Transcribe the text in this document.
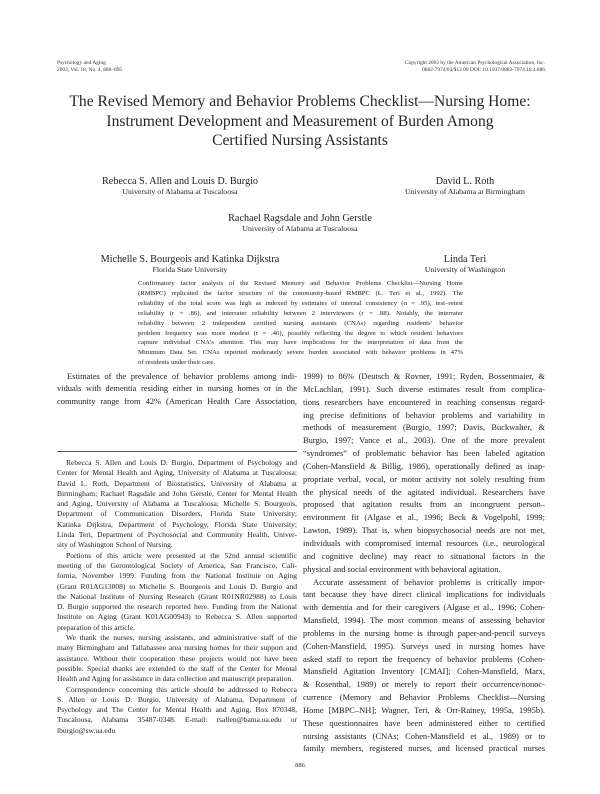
Psychology and Aging
2003, Vol. 18, No. 4, 886–895
Copyright 2003 by the American Psychological Association, Inc.
0882-7974/03/$12.00 DOI: 10.1037/0882-7974.18.4.886
The Revised Memory and Behavior Problems Checklist—Nursing Home:
Instrument Development and Measurement of Burden Among
Certified Nursing Assistants
Rebecca S. Allen and Louis D. Burgio
University of Alabama at Tuscaloosa
David L. Roth
University of Alabama at Birmingham
Rachael Ragsdale and John Gerstle
University of Alabama at Tuscaloosa
Michelle S. Bourgeois and Katinka Dijkstra
Florida State University
Linda Teri
University of Washington
Confirmatory factor analysis of the Revised Memory and Behavior Problems Checklist—Nursing Home
(RMBPC) replicated the factor structure of the community-based RMBPC (L. Teri et al., 1992). The
reliability of the total score was high as indexed by estimates of internal consistency (α = .95), test–retest
reliability (r = .86), and interrater reliability between 2 interviewers (r = .88). Notably, the interrater
reliability between 2 independent certified nursing assistants (CNAs) regarding residents' behavior
problem frequency was more modest (r = .46), possibly reflecting the degree to which resident behaviors
capture individual CNA's attention. This may have implications for the interpretation of data from the
Minimum Data Set. CNAs reported moderately severe burden associated with behavior problems in 47%
of residents under their care.
Estimates of the prevalence of behavior problems among indi-
viduals with dementia residing either in nursing homes or in the
community range from 42% (American Health Care Association,
Rebecca S. Allen and Louis D. Burgio, Department of Psychology and
Center for Mental Health and Aging, University of Alabama at Tuscaloosa;
David L. Roth, Department of Biostatistics, University of Alabama at
Birmingham; Rachael Ragsdale and John Gerstle, Center for Mental Health
and Aging, University of Alabama at Tuscaloosa; Michelle S. Bourgeois,
Department of Communication Disorders, Florida State University;
Katinka Dijkstra, Department of Psychology, Florida State University;
Linda Teri, Department of Psychosocial and Community Health, Univer-
sity of Washington School of Nursing.
Portions of this article were presented at the 52nd annual scientific
meeting of the Gerontological Society of America, San Francisco, Cali-
fornia, November 1999. Funding from the National Institute on Aging
(Grant R01AG13008) to Michelle S. Bourgeois and Louis D. Burgio and
the National Institute of Nursing Research (Grant R01NR02988) to Louis
D. Burgio supported the research reported here. Funding from the National
Institute on Aging (Grant K01AG00943) to Rebecca S. Allen supported
preparation of this article.
We thank the nurses, nursing assistants, and administrative staff of the
many Birmingham and Tallahassee area nursing homes for their support and
assistance. Without their cooperation these projects would not have been
possible. Special thanks are extended to the staff of the Center for Mental
Health and Aging for assistance in data collection and manuscript preparation.
Correspondence concerning this article should be addressed to Rebecca
S. Allen or Louis D. Burgio, University of Alabama, Department of
Psychology and The Center for Mental Health and Aging, Box 870348,
Tuscaloosa, Alabama 35487-0348. E-mail: rsallen@bama.ua.edu or
lburgio@sw.ua.edu
1999) to 86% (Deutsch & Rovner, 1991; Ryden, Bossenmaier, &
McLachlan, 1991). Such diverse estimates result from complica-
tions researchers have encountered in reaching consensus regard-
ing precise definitions of behavior problems and variability in
methods of measurement (Burgio, 1997; Davis, Buckwalter, &
Burgio, 1997; Vance et al., 2003). One of the more prevalent
“syndromes” of problematic behavior has been labeled agitation
(Cohen-Mansfield & Billig, 1986), operationally defined as inap-
propriate verbal, vocal, or motor activity not solely resulting from
the physical needs of the agitated individual. Researchers have
proposed that agitation results from an incongruent person–
environment fit (Algase et al., 1996; Beck & Vogelpohl, 1999;
Lawton, 1989). That is, when biopsychosocial needs are not met,
individuals with compromised internal resources (i.e., neurological
and cognitive decline) may react to situational factors in the
physical and social environment with behavioral agitation.
Accurate assessment of behavior problems is critically impor-
tant because they have direct clinical implications for individuals
with dementia and for their caregivers (Algase et al., 1996; Cohen-
Mansfield, 1994). The most common means of assessing behavior
problems in the nursing home is through paper-and-pencil surveys
(Cohen-Mansfield, 1995). Surveys used in nursing homes have
asked staff to report the frequency of behavior problems (Cohen-
Mansfield Agitation Inventory [CMAI]; Cohen-Mansfield, Marx,
& Rosenthal, 1989) or merely to report their occurrence/nonoc-
currence (Memory and Behavior Problems Checklist—Nursing
Home [MBPC–NH]; Wagner, Teri, & Orr-Rainey, 1995a, 1995b).
These questionnaires have been administered either to certified
nursing assistants (CNAs; Cohen-Mansfield et al., 1989) or to
family members, registered nurses, and licensed practical nurses
886
